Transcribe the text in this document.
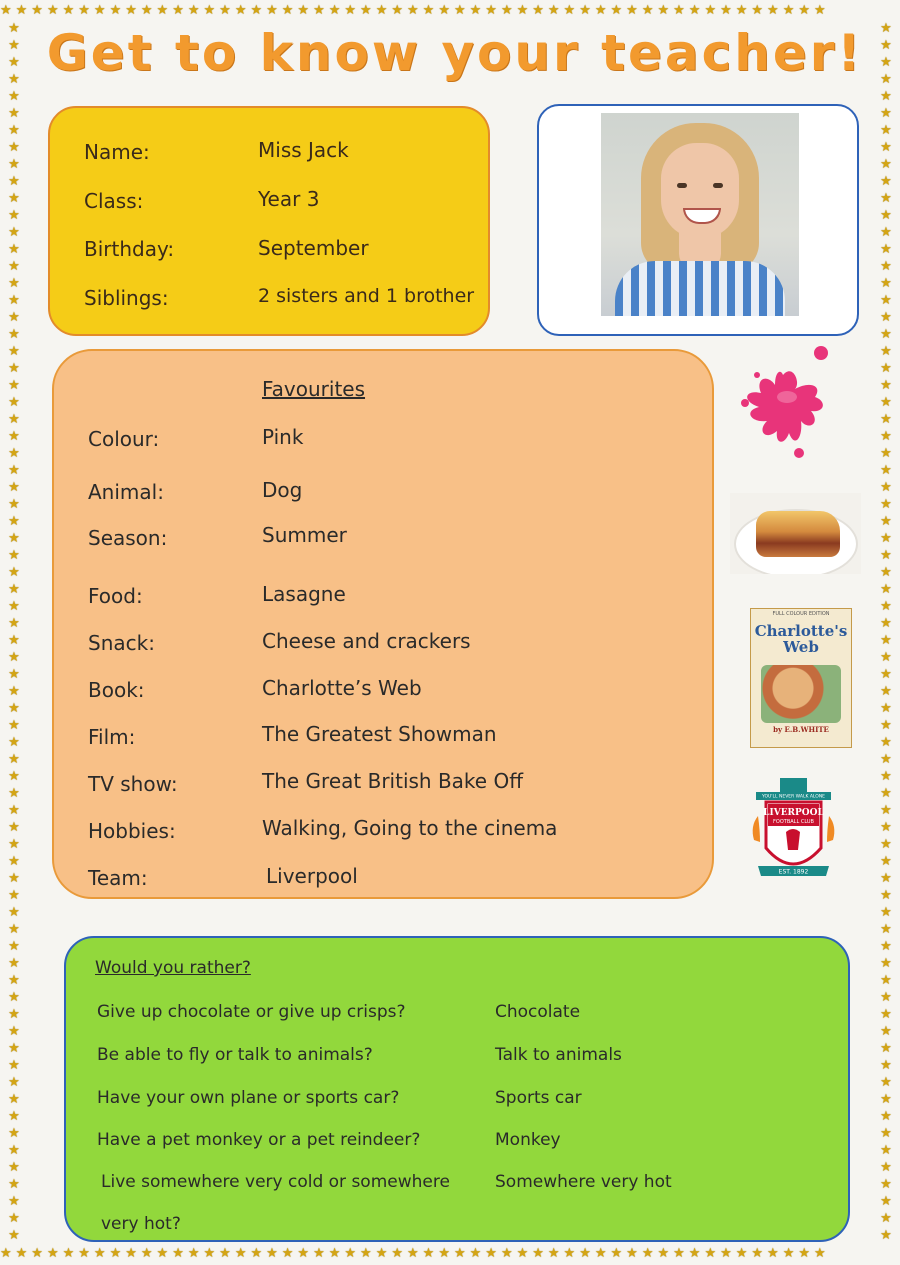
★★★★★★★★★★★★★★★★★★★★★★★★★★★★★★★★★★★★★★★★★★★★★★★★★★★★★
★★★★★★★★★★★★★★★★★★★★★★★★★★★★★★★★★★★★★★★★★★★★★★★★★★★★★
★
★
★
★
★
★
★
★
★
★
★
★
★
★
★
★
★
★
★
★
★
★
★
★
★
★
★
★
★
★
★
★
★
★
★
★
★
★
★
★
★
★
★
★
★
★
★
★
★
★
★
★
★
★
★
★
★
★
★
★
★
★
★
★
★
★
★
★
★
★
★
★
★
★
★
★
★
★
★
★
★
★
★
★
★
★
★
★
★
★
★
★
★
★
★
★
★
★
★
★
★
★
★
★
★
★
★
★
★
★
★
★
★
★
★
★
★
★
★
★
★
★
★
★
★
★
★
★
★
★
★
★
★
★
★
★
★
★
★
★
★
★
★
★
Get to know your teacher!
Name:	Miss Jack
Class:	Year 3
Birthday:	September
Siblings:	2 sisters and 1 brother
Favourites
Colour:	Pink
Animal:	Dog
Season:	Summer
Food:	Lasagne
Snack:	Cheese and crackers
Book:	Charlotte’s Web
Film:	The Greatest Showman
TV show:	The Great British Bake Off
Hobbies:	Walking, Going to the cinema
Team:	Liverpool
FULL COLOUR EDITION
Charlotte's
Web
by E.B.WHITE
YOU'LL NEVER WALK ALONE
LIVERPOOL
FOOTBALL CLUB
EST. 1892
Would you rather?
Give up chocolate or give up crisps?	Chocolate
Be able to fly or talk to animals?	Talk to animals
Have your own plane or sports car?	Sports car
Have a pet monkey or a pet reindeer?	Monkey
Live somewhere very cold or somewhere	Somewhere very hot
very hot?
